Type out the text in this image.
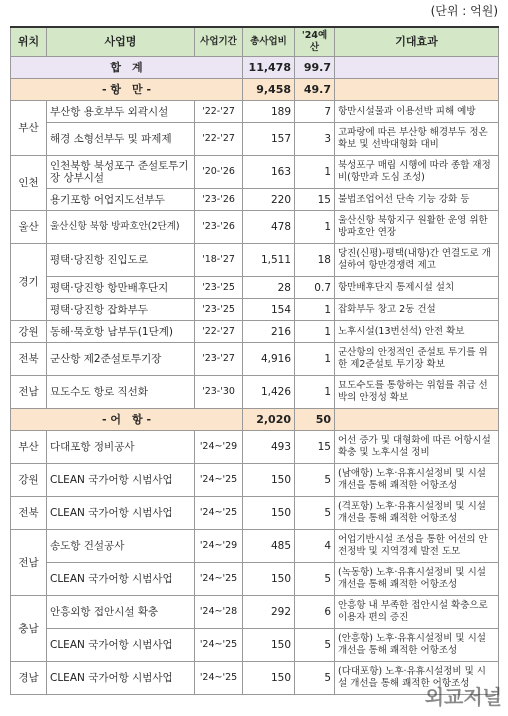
(단위 : 억원)
위치	사업명	사업기간	총사업비	'24예산	기대효과
합　계			11,478	99.7	
- 항　만 -			9,458	49.7	
부산	부산항 용호부두 외곽시설	'22-'27	189	7	항만시설물과 이용선박 피해 예방
	해경 소형선부두 및 파제제	'22-'27	157	3	고파랑에 따른 부산항 해경부두 정온확보 및 선박대형화 대비
인천	인천북항 북성포구 준설토투기장 상부시설	'20-'26	163	1	북성포구 매립 시행에 따라 종합 재정비(항만과 도심 조성)
	용기포항 어업지도선부두	'23-'26	220	15	불법조업어선 단속 기능 강화 등
울산	울산신항 북항 방파호안(2단계)	'23-'26	478	1	울산신항 북항지구 원활한 운영 위한 방파호안 연장
경기	평택·당진항 진입도로	'18-'27	1,511	18	당진(신평)-평택(내항)간 연결도로 개설하여 항만경쟁력 제고
	평택·당진항 항만배후단지	'23-'25	28	0.7	항만배후단지 통제시설 설치
	평택·당진항 잡화부두	'23-'25	154	1	잡화부두 창고 2동 건설
강원	동해·묵호항 남부두(1단계)	'22-'27	216	1	노후시설(13번선석) 안전 확보
전북	군산항 제2준설토투기장	'23-'27	4,916	1	군산항의 안정적인 준설토 투기를 위한 제2준설토 투기장 확보
전남	묘도수도 항로 직선화	'23-'30	1,426	1	묘도수도를 통항하는 위험를 취급 선박의 안정성 확보
- 어　항 -			2,020	50	
부산	다대포항 정비공사	'24~'29	493	15	어선 증가 및 대형화에 따른 어항시설 확충 및 노후시설 정비
강원	CLEAN 국가어항 시범사업	'24~'25	150	5	(남애항) 노후·유휴시설정비 및 시설 개선을 통해 쾌적한 어항조성
전북	CLEAN 국가어항 시범사업	'24~'25	150	5	(격포항) 노후·유휴시설정비 및 시설 개선을 통해 쾌적한 어항조성
전남	송도항 건설공사	'24~'29	485	4	어업기반시설 조성을 통한 어선의 안전정박 및 지역경제 발전 도모
	CLEAN 국가어항 시범사업	'24~'25	150	5	(녹동항) 노후·유휴시설정비 및 시설 개선을 통해 쾌적한 어항조성
충남	안흥외항 접안시설 확충	'24~'28	292	6	안흥항 내 부족한 접안시설 확충으로 이용자 편의 증진
	CLEAN 국가어항 시범사업	'24~'25	150	5	(안흥항) 노후·유휴시설정비 및 시설 개선을 통해 쾌적한 어항조성
경남	CLEAN 국가어항 시범사업	'24~'25	150	5	(다대포항) 노후·유휴시설정비 및 시설 개선을 통해 쾌적한 어항조성
외교저널
